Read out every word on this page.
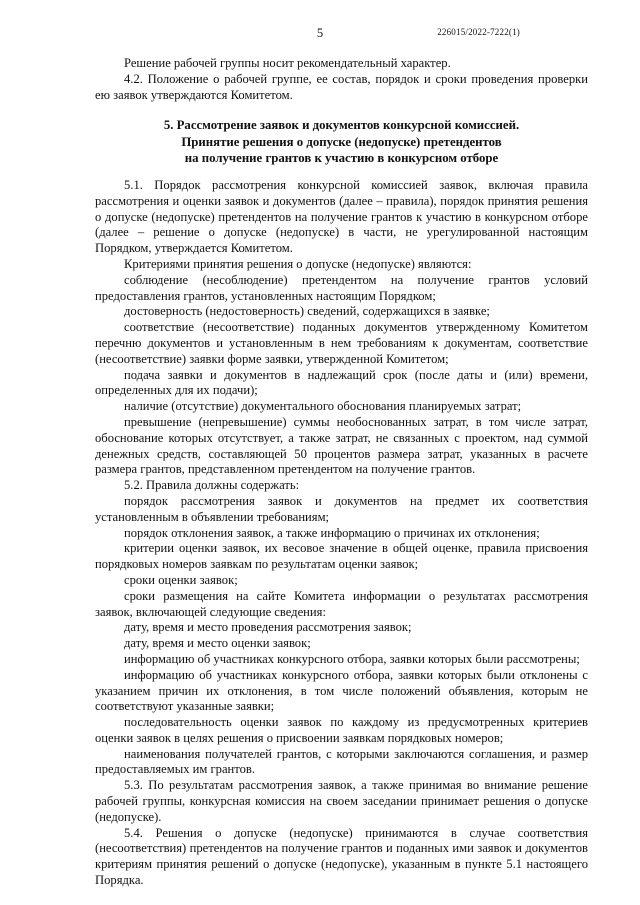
5	226015/2022-7222(1)

Решение рабочей группы носит рекомендательный характер.

4.2. Положение о рабочей группе, ее состав, порядок и сроки проведения проверки ею заявок утверждаются Комитетом.

5. Рассмотрение заявок и документов конкурсной комиссией.
Принятие решения о допуске (недопуске) претендентов
на получение грантов к участию в конкурсном отборе

5.1. Порядок рассмотрения конкурсной комиссией заявок, включая правила рассмотрения и оценки заявок и документов (далее – правила), порядок принятия решения о допуске (недопуске) претендентов на получение грантов к участию в конкурсном отборе (далее – решение о допуске (недопуске) в части, не урегулированной настоящим Порядком, утверждается Комитетом.

Критериями принятия решения о допуске (недопуске) являются:

соблюдение (несоблюдение) претендентом на получение грантов условий предоставления грантов, установленных настоящим Порядком;

достоверность (недостоверность) сведений, содержащихся в заявке;

соответствие (несоответствие) поданных документов утвержденному Комитетом перечню документов и установленным в нем требованиям к документам, соответствие (несоответствие) заявки форме заявки, утвержденной Комитетом;

подача заявки и документов в надлежащий срок (после даты и (или) времени, определенных для их подачи);

наличие (отсутствие) документального обоснования планируемых затрат;

превышение (непревышение) суммы необоснованных затрат, в том числе затрат, обоснование которых отсутствует, а также затрат, не связанных с проектом, над суммой денежных средств, составляющей 50 процентов размера затрат, указанных в расчете размера грантов, представленном претендентом на получение грантов.

5.2. Правила должны содержать:

порядок рассмотрения заявок и документов на предмет их соответствия установленным в объявлении требованиям;

порядок отклонения заявок, а также информацию о причинах их отклонения;

критерии оценки заявок, их весовое значение в общей оценке, правила присвоения порядковых номеров заявкам по результатам оценки заявок;

сроки оценки заявок;

сроки размещения на сайте Комитета информации о результатах рассмотрения заявок, включающей следующие сведения:

дату, время и место проведения рассмотрения заявок;

дату, время и место оценки заявок;

информацию об участниках конкурсного отбора, заявки которых были рассмотрены;

информацию об участниках конкурсного отбора, заявки которых были отклонены с указанием причин их отклонения, в том числе положений объявления, которым не соответствуют указанные заявки;

последовательность оценки заявок по каждому из предусмотренных критериев оценки заявок в целях решения о присвоении заявкам порядковых номеров;

наименования получателей грантов, с которыми заключаются соглашения, и размер предоставляемых им грантов.

5.3. По результатам рассмотрения заявок, а также принимая во внимание решение рабочей группы, конкурсная комиссия на своем заседании принимает решения о допуске (недопуске).

5.4. Решения о допуске (недопуске) принимаются в случае соответствия (несоответствия) претендентов на получение грантов и поданных ими заявок и документов критериям принятия решений о допуске (недопуске), указанным в пункте 5.1 настоящего Порядка.
